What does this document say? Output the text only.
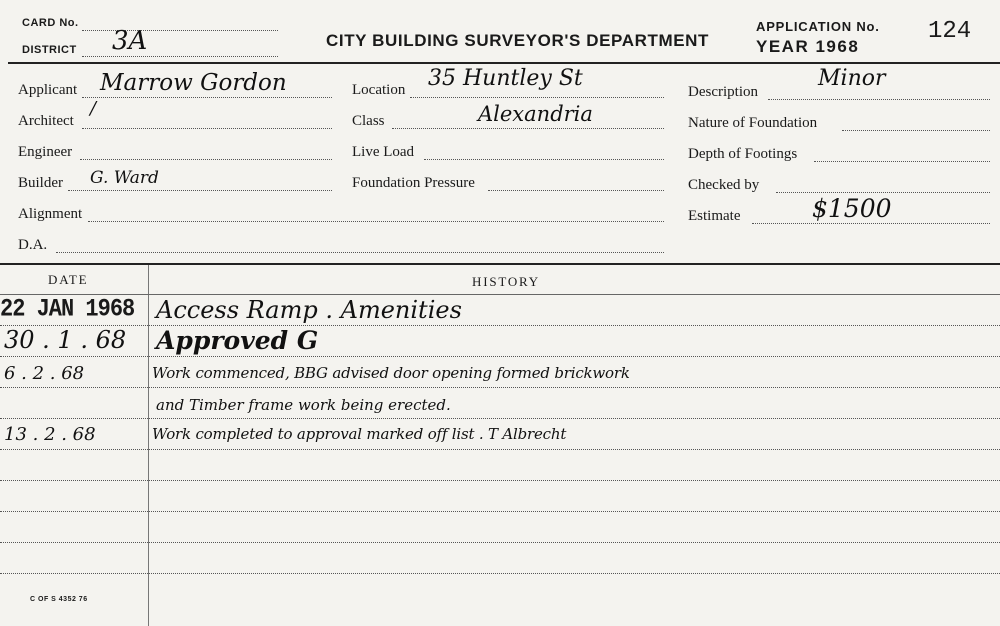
CARD No.
DISTRICT 3A	CITY BUILDING SURVEYOR'S DEPARTMENT
APPLICATION No. 124
YEAR 1968
Applicant Marrow Gordon
Architect
/
Engineer
Builder G. Ward
Alignment
D.A.
Location 35 Huntley St
Class	Alexandria
Live Load
Foundation Pressure
Description
Minor
Nature of Foundation
Depth of Footings
Checked by
Estimate	$1500
DATE	HISTORY
22 JAN 1968 Access Ramp . Amenities
30 . 1 . 68 Approved G
6 . 2 . 68	Work commenced, BBG advised door opening formed brickwork
and Timber frame work being erected.
13 . 2 . 68	Work completed to approval marked off list . T Albrecht
C OF S 4352 76
